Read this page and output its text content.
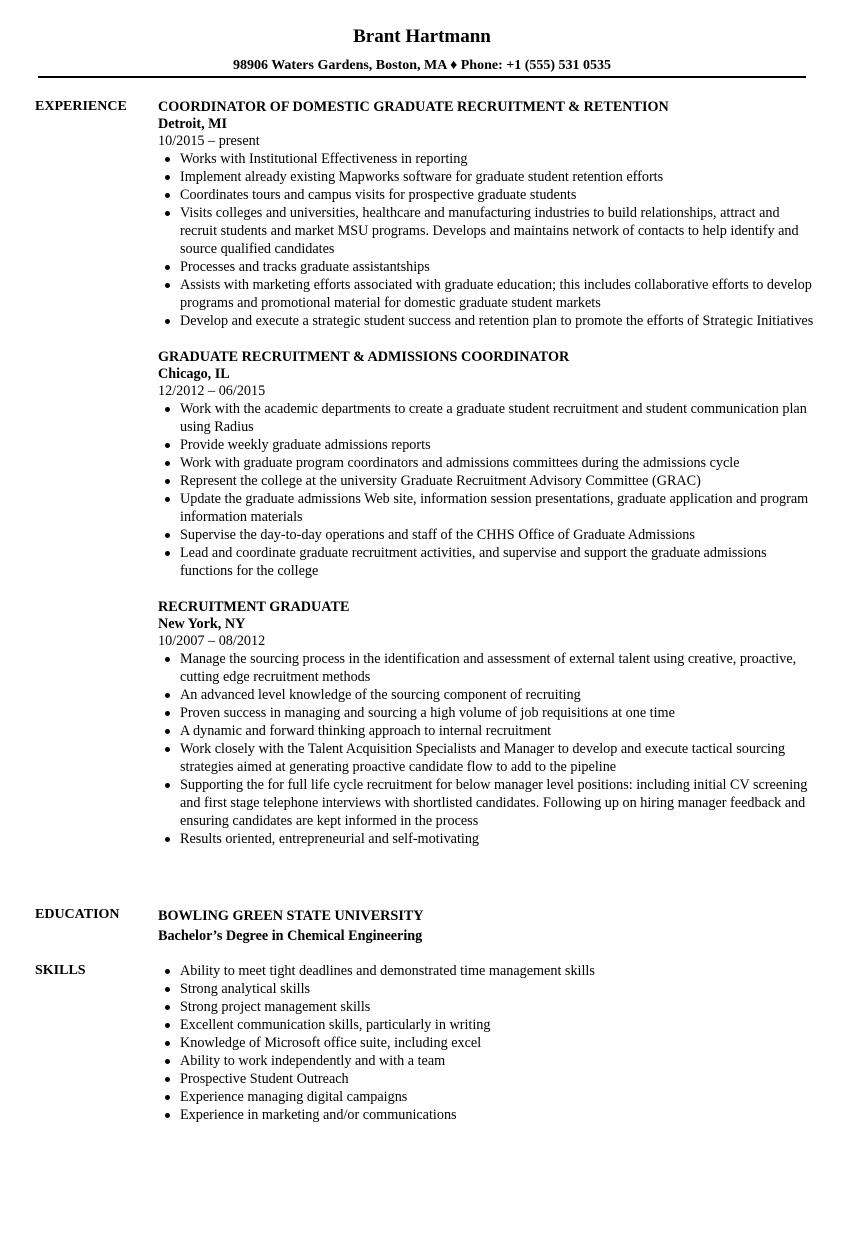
Brant Hartmann
98906 Waters Gardens, Boston, MA ♦ Phone: +1 (555) 531 0535
EXPERIENCE COORDINATOR OF DOMESTIC GRADUATE RECRUITMENT & RETENTION
Detroit, MI
10/2015 – present
Works with Institutional Effectiveness in reporting
Implement already existing Mapworks software for graduate student retention efforts
Coordinates tours and campus visits for prospective graduate students
Visits colleges and universities, healthcare and manufacturing industries to build relationships, attract and recruit students and market MSU programs. Develops and maintains network of contacts to help identify and source qualified candidates
Processes and tracks graduate assistantships
Assists with marketing efforts associated with graduate education; this includes collaborative efforts to develop programs and promotional material for domestic graduate student markets
Develop and execute a strategic student success and retention plan to promote the efforts of Strategic Initiatives
GRADUATE RECRUITMENT & ADMISSIONS COORDINATOR
Chicago, IL
12/2012 – 06/2015
Work with the academic departments to create a graduate student recruitment and student communication plan using Radius
Provide weekly graduate admissions reports
Work with graduate program coordinators and admissions committees during the admissions cycle
Represent the college at the university Graduate Recruitment Advisory Committee (GRAC)
Update the graduate admissions Web site, information session presentations, graduate application and program information materials
Supervise the day-to-day operations and staff of the CHHS Office of Graduate Admissions
Lead and coordinate graduate recruitment activities, and supervise and support the graduate admissions functions for the college
RECRUITMENT GRADUATE
New York, NY
10/2007 – 08/2012
Manage the sourcing process in the identification and assessment of external talent using creative, proactive, cutting edge recruitment methods
An advanced level knowledge of the sourcing component of recruiting
Proven success in managing and sourcing a high volume of job requisitions at one time
A dynamic and forward thinking approach to internal recruitment
Work closely with the Talent Acquisition Specialists and Manager to develop and execute tactical sourcing strategies aimed at generating proactive candidate flow to add to the pipeline
Supporting the for full life cycle recruitment for below manager level positions: including initial CV screening and first stage telephone interviews with shortlisted candidates. Following up on hiring manager feedback and ensuring candidates are kept informed in the process
Results oriented, entrepreneurial and self-motivating
EDUCATION	BOWLING GREEN STATE UNIVERSITY
Bachelor’s Degree in Chemical Engineering
SKILLS	Ability to meet tight deadlines and demonstrated time management skills
Strong analytical skills
Strong project management skills
Excellent communication skills, particularly in writing
Knowledge of Microsoft office suite, including excel
Ability to work independently and with a team
Prospective Student Outreach
Experience managing digital campaigns
Experience in marketing and/or communications
